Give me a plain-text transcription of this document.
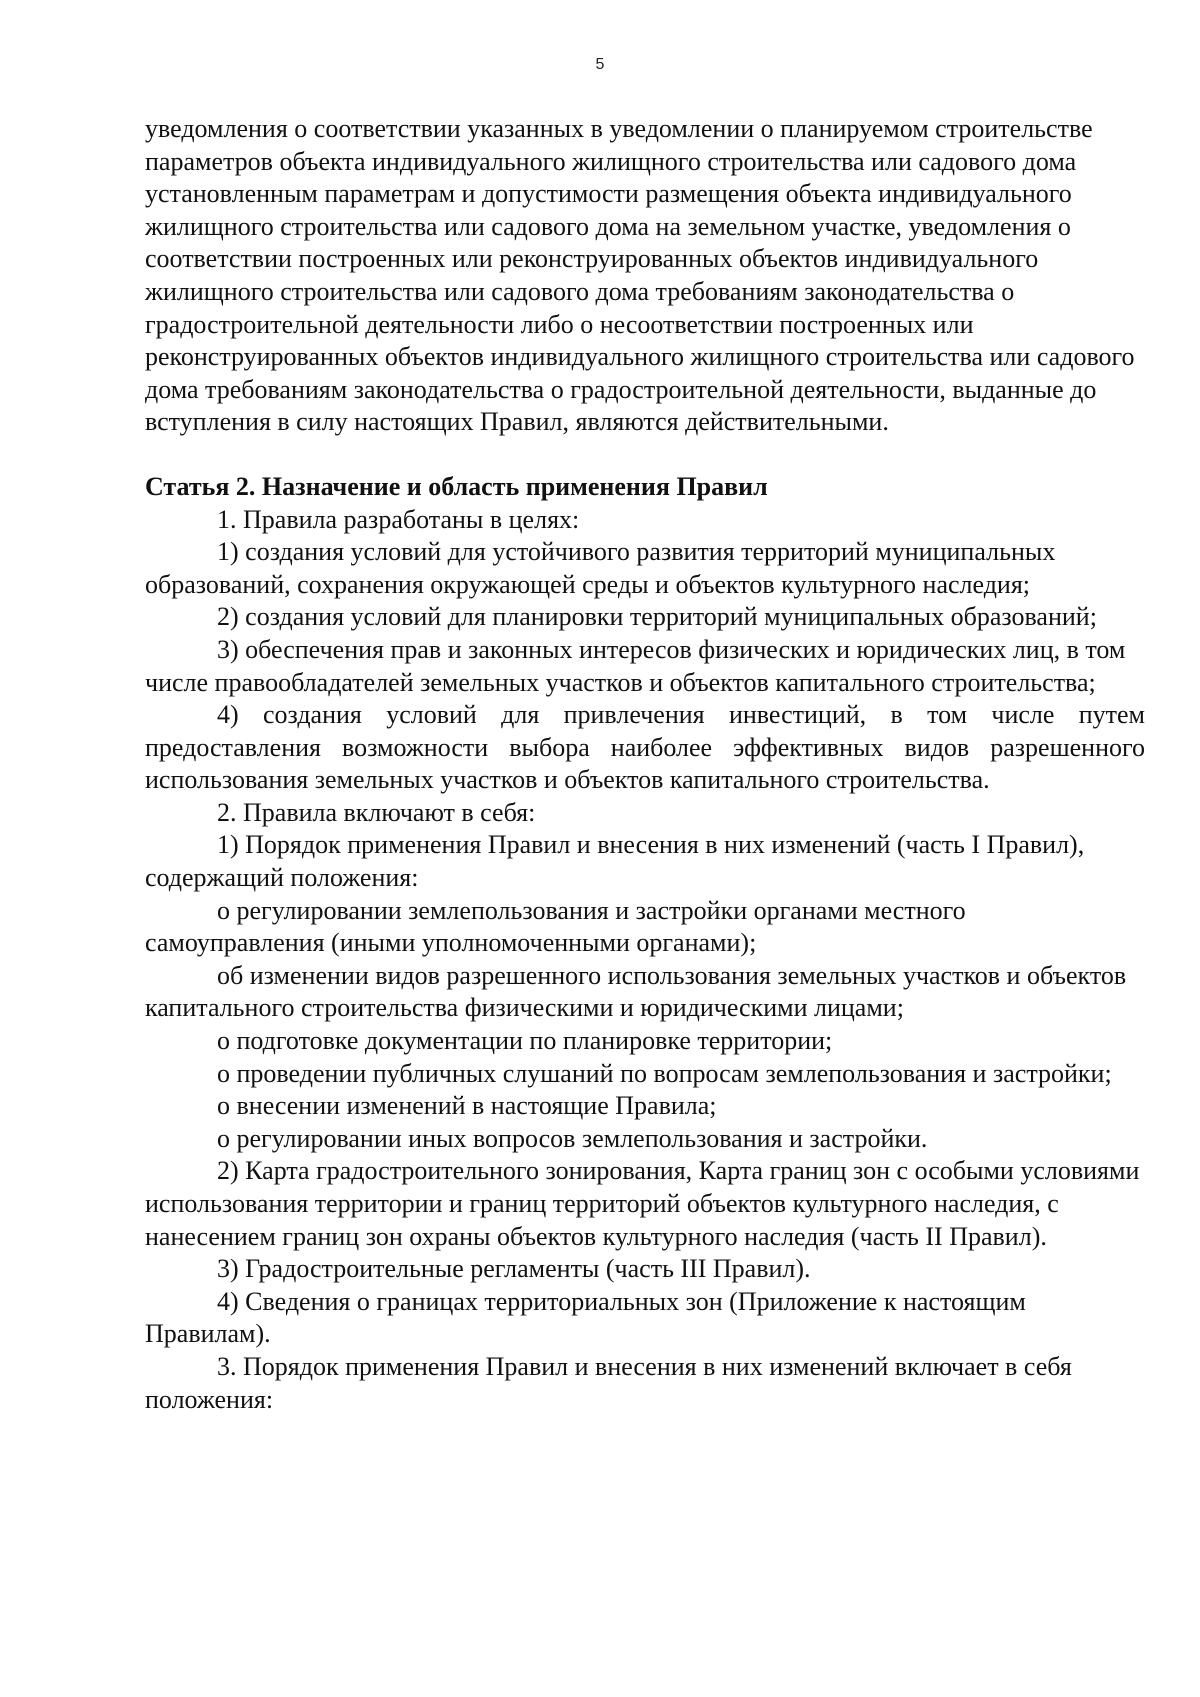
5

уведомления о соответствии указанных в уведомлении о планируемом строительстве параметров объекта индивидуального жилищного строительства или садового дома установленным параметрам и допустимости размещения объекта индивидуального жилищного строительства или садового дома на земельном участке, уведомления о соответствии построенных или реконструированных объектов индивидуального жилищного строительства или садового дома требованиям законодательства о градостроительной деятельности либо о несоответствии построенных или реконструированных объектов индивидуального жилищного строительства или садового дома требованиям законодательства о градостроительной деятельности, выданные до вступления в силу настоящих Правил, являются действительными.

Статья 2. Назначение и область применения Правил

1. Правила разработаны в целях:

1) создания условий для устойчивого развития территорий муниципальных образований, сохранения окружающей среды и объектов культурного наследия;

2) создания условий для планировки территорий муниципальных образований;

3) обеспечения прав и законных интересов физических и юридических лиц, в том числе правообладателей земельных участков и объектов капитального строительства;

4) создания условий для привлечения инвестиций, в том числе путем предоставления возможности выбора наиболее эффективных видов разрешенного использования земельных участков и объектов капитального строительства.

2. Правила включают в себя:

1) Порядок применения Правил и внесения в них изменений (часть I Правил), содержащий положения:

о регулировании землепользования и застройки органами местного самоуправления (иными уполномоченными органами);

об изменении видов разрешенного использования земельных участков и объектов капитального строительства физическими и юридическими лицами;

о подготовке документации по планировке территории;

о проведении публичных слушаний по вопросам землепользования и застройки;

о внесении изменений в настоящие Правила;

о регулировании иных вопросов землепользования и застройки.

2) Карта градостроительного зонирования, Карта границ зон с особыми условиями использования территории и границ территорий объектов культурного наследия, с нанесением границ зон охраны объектов культурного наследия (часть II Правил).

3) Градостроительные регламенты (часть III Правил).

4) Сведения о границах территориальных зон (Приложение к настоящим Правилам).

3. Порядок применения Правил и внесения в них изменений включает в себя положения:
